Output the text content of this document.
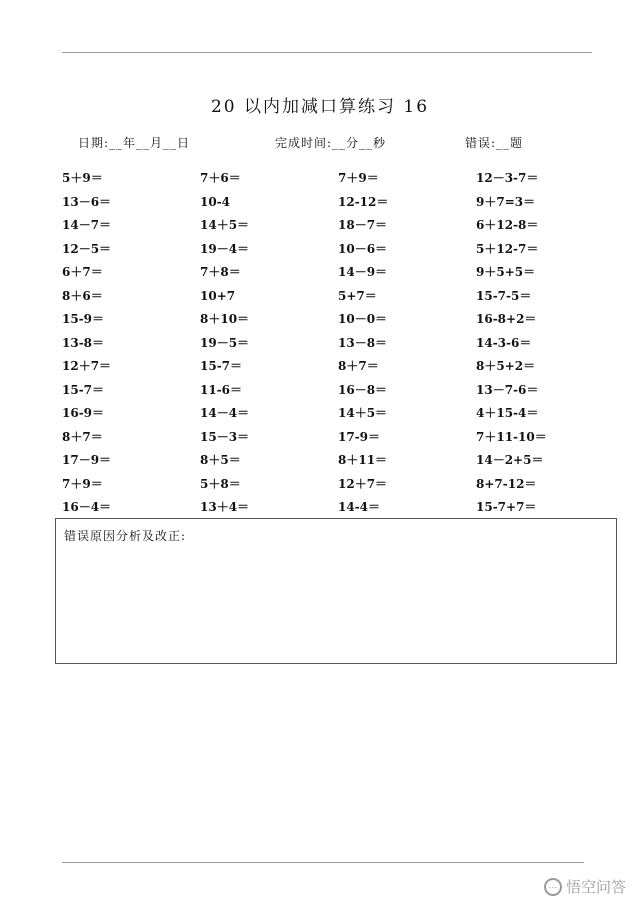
20 以内加减口算练习 16
日期:__年__月__日	完成时间:__分__秒	错误:__题
5＋9＝	7＋6＝	7＋9＝	12－3-7＝
13－6＝	10-4	12-12＝	9＋7=3＝
14－7＝	14＋5＝	18－7＝	6＋12-8＝
12－5＝	19－4＝	10－6＝	5＋12-7＝
6＋7＝	7＋8＝	14－9＝	9＋5+5＝
8＋6＝	10+7	5+7＝	15-7-5＝
15-9＝	8＋10＝	10－0＝	16-8+2＝
13-8＝	19－5＝	13－8＝	14-3-6＝
12＋7＝	15-7＝	8＋7＝	8＋5+2＝
15-7＝	11-6＝	16－8＝	13－7-6＝
16-9＝	14－4＝	14＋5＝	4＋15-4＝
8＋7＝	15－3＝	17-9＝	7＋11-10＝
17－9＝	8＋5＝	8＋11＝	14－2+5＝
7＋9＝	5＋8＝	12＋7＝	8+7-12＝
16－4＝	13＋4＝	14-4＝	15-7+7＝
错误原因分析及改正:
… 悟空问答
